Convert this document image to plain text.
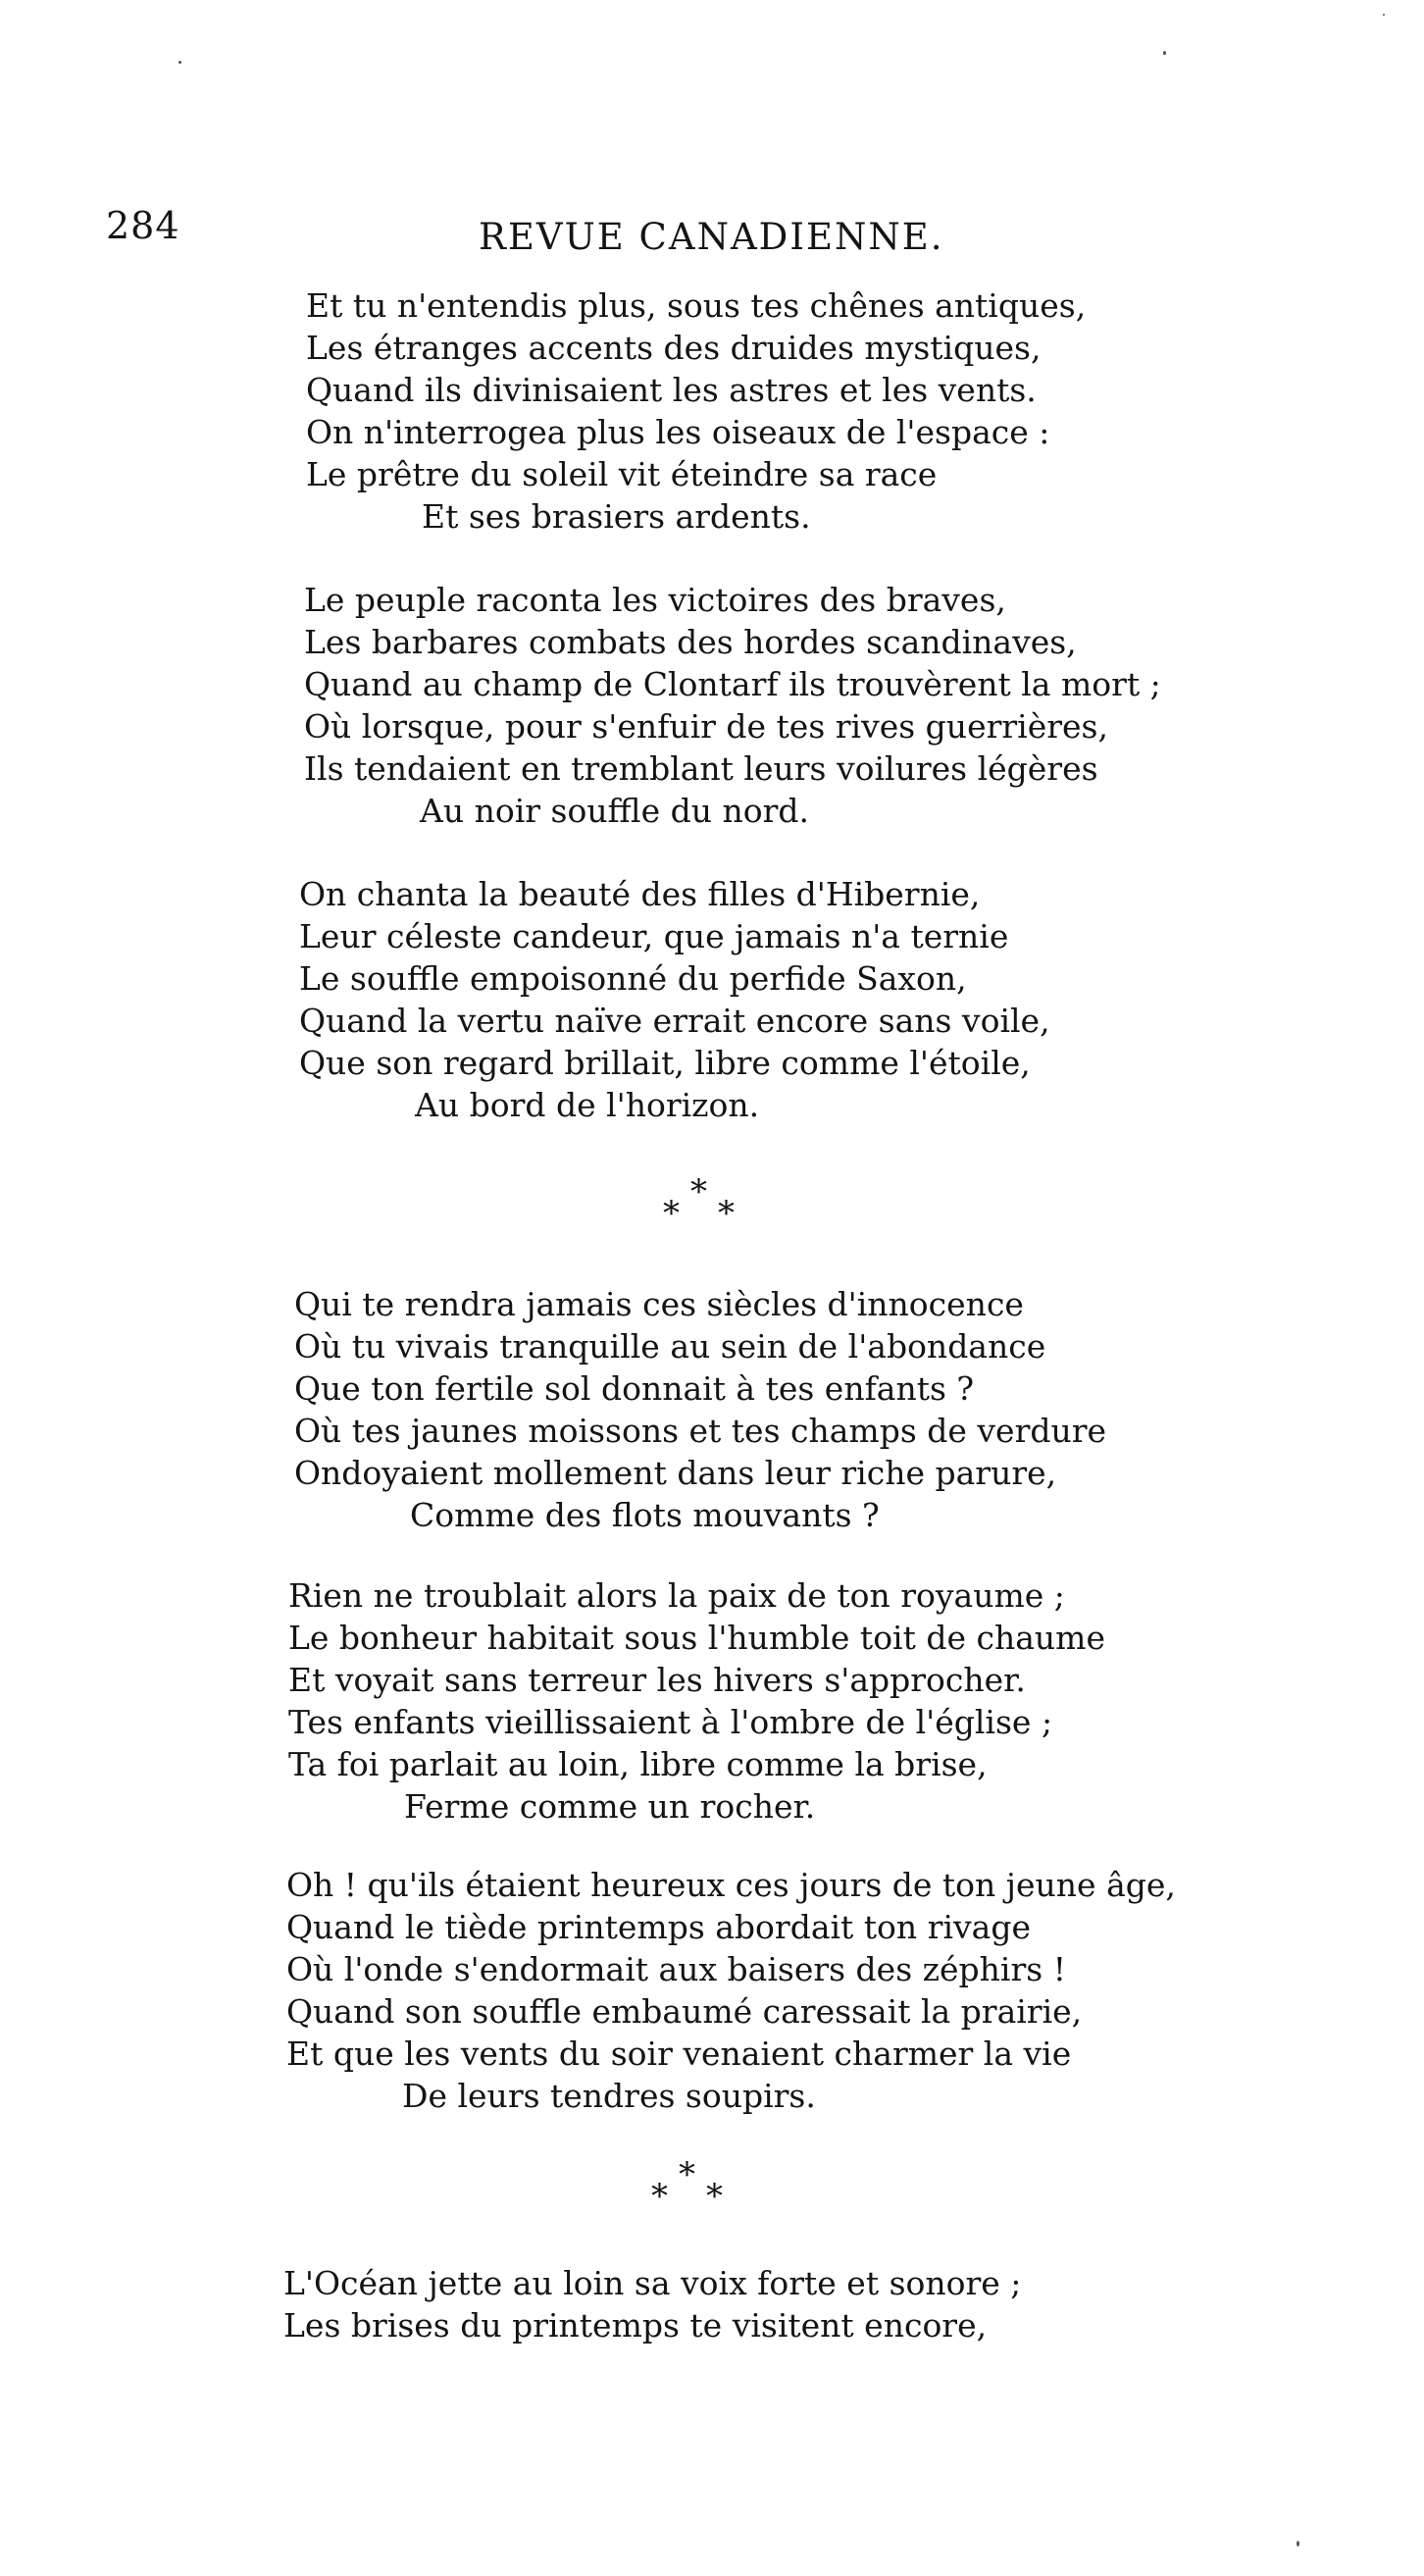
284	REVUE CANADIENNE.
Et tu n'entendis plus, sous tes chênes antiques,
Les étranges accents des druides mystiques,
Quand ils divinisaient les astres et les vents.
On n'interrogea plus les oiseaux de l'espace :
Le prêtre du soleil vit éteindre sa race
Et ses brasiers ardents.
Le peuple raconta les victoires des braves,
Les barbares combats des hordes scandinaves,
Quand au champ de Clontarf ils trouvèrent la mort ;
Où lorsque, pour s'enfuir de tes rives guerrières,
Ils tendaient en tremblant leurs voilures légères
Au noir souffle du nord.
On chanta la beauté des filles d'Hibernie,
Leur céleste candeur, que jamais n'a ternie
Le souffle empoisonné du perfide Saxon,
Quand la vertu naïve errait encore sans voile,
Que son regard brillait, libre comme l'étoile,
Au bord de l'horizon.
*
*
*
Qui te rendra jamais ces siècles d'innocence
Où tu vivais tranquille au sein de l'abondance
Que ton fertile sol donnait à tes enfants ?
Où tes jaunes moissons et tes champs de verdure
Ondoyaient mollement dans leur riche parure,
Comme des flots mouvants ?
Rien ne troublait alors la paix de ton royaume ;
Le bonheur habitait sous l'humble toit de chaume
Et voyait sans terreur les hivers s'approcher.
Tes enfants vieillissaient à l'ombre de l'église ;
Ta foi parlait au loin, libre comme la brise,
Ferme comme un rocher.
Oh ! qu'ils étaient heureux ces jours de ton jeune âge,
Quand le tiède printemps abordait ton rivage
Où l'onde s'endormait aux baisers des zéphirs !
Quand son souffle embaumé caressait la prairie,
Et que les vents du soir venaient charmer la vie
De leurs tendres soupirs.
*
*
*
L'Océan jette au loin sa voix forte et sonore ;
Les brises du printemps te visitent encore,
